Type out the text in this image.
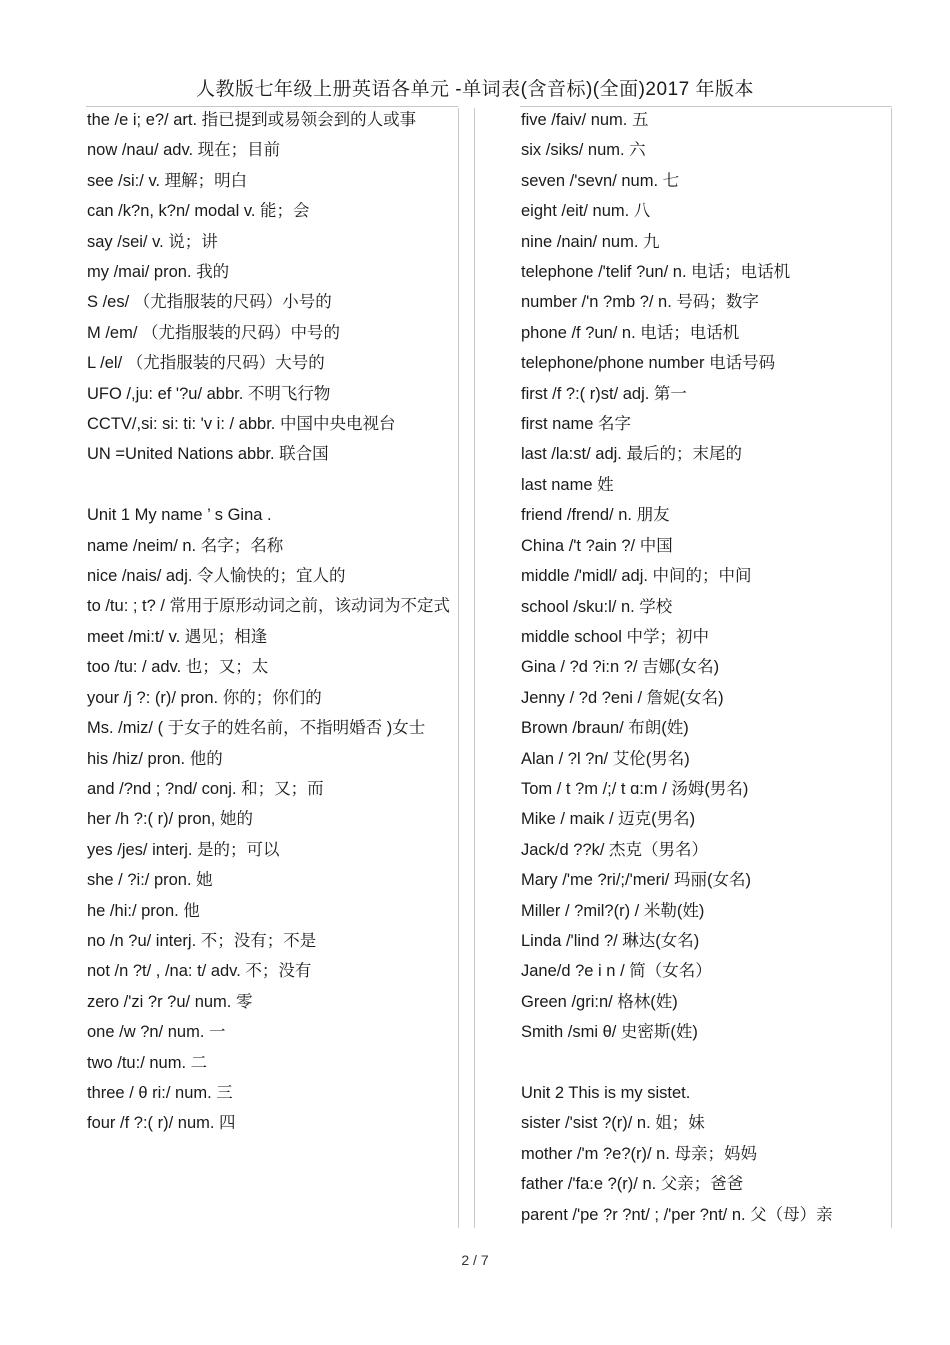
人教版七年级上册英语各单元 -单词表(含音标)(全面)2017 年版本

the /e i; e?/ art. 指已提到或易领会到的人或事

now /nau/ adv. 现在；目前

see /si:/ v. 理解；明白

can /k?n, k?n/ modal v. 能；会

say /sei/ v. 说；讲

my /mai/ pron. 我的

S /es/ （尤指服装的尺码）小号的

M /em/ （尤指服装的尺码）中号的

L /el/ （尤指服装的尺码）大号的

UFO /,ju: ef '?u/ abbr. 不明飞行物

CCTV/,si: si: ti: 'v i: / abbr. 中国中央电视台

UN =United Nations abbr. 联合国

Unit 1 My name ’ s Gina .

name /neim/ n. 名字；名称

nice /nais/ adj. 令人愉快的；宜人的

to /tu: ; t? / 常用于原形动词之前，该动词为不定式

meet /mi:t/ v. 遇见；相逢

too /tu: / adv. 也；又；太

your /j ?: (r)/ pron. 你的；你们的

Ms. /miz/ ( 于女子的姓名前，不指明婚否 )女士

his /hiz/ pron. 他的

and /?nd ; ?nd/ conj. 和；又；而

her /h ?:( r)/ pron, 她的

yes /jes/ interj. 是的；可以

she / ?i:/ pron. 她

he /hi:/ pron. 他

no /n ?u/ interj. 不；没有；不是

not /n ?t/ , /na: t/ adv. 不；没有

zero /'zi ?r ?u/ num. 零

one /w ?n/ num. 一

two /tu:/ num. 二

three / θ ri:/ num. 三

four /f ?:( r)/ num. 四

five /faiv/ num. 五

six /siks/ num. 六

seven /'sevn/ num. 七

eight /eit/ num. 八

nine /nain/ num. 九

telephone /'telif ?un/ n. 电话；电话机

number /'n ?mb ?/ n. 号码；数字

phone /f ?un/ n. 电话；电话机

telephone/phone number 电话号码

first /f ?:( r)st/ adj. 第一

first name 名字

last /la:st/ adj. 最后的；末尾的

last name 姓

friend /frend/ n. 朋友

China /'t ?ain ?/ 中国

middle /'midl/ adj. 中间的；中间

school /sku:l/ n. 学校

middle school 中学；初中

Gina / ?d ?i:n ?/ 吉娜(女名)

Jenny / ?d ?eni / 詹妮(女名)

Brown /braun/ 布朗(姓)

Alan / ?l ?n/ 艾伦(男名)

Tom / t ?m /;/ t ɑ:m / 汤姆(男名)

Mike / maik / 迈克(男名)

Jack/d ??k/ 杰克（男名）

Mary /'me ?ri/;/'meri/ 玛丽(女名)

Miller / ?mil?(r) / 米勒(姓)

Linda /'lind ?/ 琳达(女名)

Jane/d ?e i n / 简（女名）

Green /gri:n/ 格林(姓)

Smith /smi θ/ 史密斯(姓)

Unit 2 This is my sistet.

sister /'sist ?(r)/ n. 姐；妹

mother /'m ?e?(r)/ n. 母亲；妈妈

father /'fa:e ?(r)/ n. 父亲；爸爸

parent /'pe ?r ?nt/ ; /'per ?nt/ n. 父（母）亲

2 / 7
